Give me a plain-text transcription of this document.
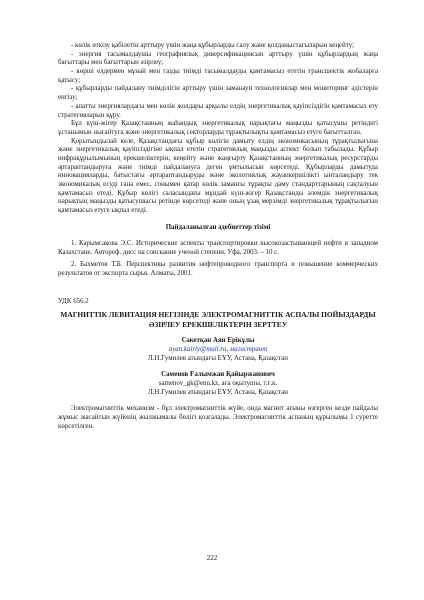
- көлік өткізу қабілетін арттыру үшін жаңа құбырларды салу және қолданыстағыларын кеңейту;

- энергия тасымалдаушы географиялық диверсификациясын арттыру үшін құбырлардың жаңа бағыттары мен бағыттарын әзірлеу;

- көрші елдермен мұнай мен газды тиімді тасымалдауды қамтамасыз ететін трансшектік жобаларға қатысу;

- құбырларды пайдалану тиімділігін арттыру үшін заманауи технологиялар мен мониторинг әдістерін енгізу;

- апатты энергиялардағы мен көлік жолдары арқылы елдің энергетикалық қауіпсіздігін қамтамасыз ету стратегияларын құру.

Бұл күш-жігер Қазақстанның жаһандық энергетикалық нарықтағы маңызды қатысушы ретіндегі ұстанымын нығайтуға және энергетикалық секторларды тұрақтылықты қамтамасыз етуге бағытталған.

Қорытындылай келе, Қазақстандағы құбыр көлігін дамыту елдің экономикасының тұрақтылығына және энергетикалық қауіпсіздігіне ықпал ететін стратегиялық маңызды аспект болып табылады. Құбыр инфрақұрылымының ерекшеліктерін, кеңейту және жаңғырту Қазақстанның энергетикалық ресурстарды әртараптандыруға және тиімді пайдалануға деген ұмтылысын көрсетеді. Құбырларды дамытуда инновацияларды, батыстағы әртараптандыруды және экологиялық жауапкершілікті ынталандыру тек экономикалық есуді ғана емес, сонымен қатар көлік заманғы тұрақты даму стандарттарының сақталуын қамтамасыз етеді. Құбыр көлігі саласындағы мұндай күш-жігер Қазақстанды әлемдік энергетикалық нарықтың маңызды қатысушысы ретінде көрсетеді және оның ұзақ мерзімді энергетикалық тұрақтылығын қамтамасыз етуге ықпал етеді.

Пайдаланылған әдебиеттер тізімі

1. Карымсакова Э.С. Исторические аспекты транспортировки высокозастывающей нефти в западном Казахстане. Автореф. дисс на соискание ученой степени. Уфа, 2003. – 10 с.

2. Бахметов Т.Б. Перспективы развития нефтепроводного транспорта и повышение коммерческих результатов от экспорта сырья. Алматы, 2001.

УДК 656.2

МАГНИТТІК ЛЕВИТАЦИЯ НЕГІЗІНДЕ ЭЛЕКТРОМАГНИТТІК АСПАЛЫ ПОЙЫЗДАРДЫ ӘЗІРЛЕУ ЕРЕКШЕЛІКТЕРІН ЗЕРТТЕУ

Сәкетқан Аян Ерікұлы

ayan.kairly@mail.ru, магистрант

Л.Н.Гумилев атындағы ЕҰУ, Астана, Қазақстан

Саменов Ғалымжан Қайыржанович

samenov_gk@enu.kz, аға оқытушы, т.ғ.к.

Л.Н.Гумилев атындағы ЕҰУ, Астана, Қазақстан

Электромагниттік механизм - бұл электромагниттік жүйе, онда магнит ағыны өзгерген кезде пайдалы жұмыс жасайтын жүйенің жылжымалы бөлігі қозғалады. Электромагниттік аспаның құрылымы 1 суретте көрсетілген.

222
